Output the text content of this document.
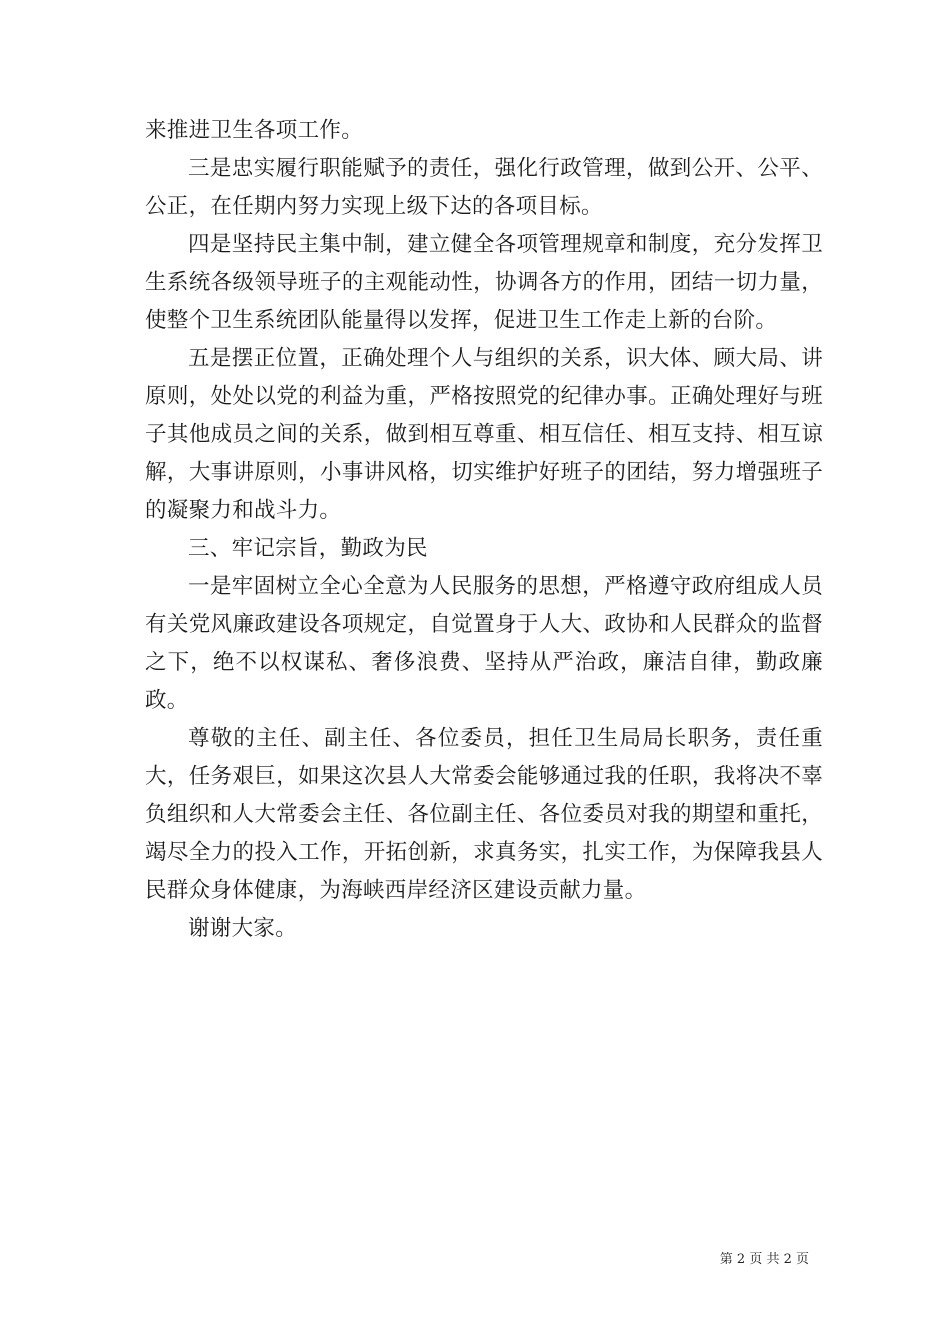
来推进卫生各项工作。

三是忠实履行职能赋予的责任，强化行政管理，做到公开、公平、公正，在任期内努力实现上级下达的各项目标。

四是坚持民主集中制，建立健全各项管理规章和制度，充分发挥卫生系统各级领导班子的主观能动性，协调各方的作用，团结一切力量，使整个卫生系统团队能量得以发挥，促进卫生工作走上新的台阶。

五是摆正位置，正确处理个人与组织的关系，识大体、顾大局、讲原则，处处以党的利益为重，严格按照党的纪律办事。正确处理好与班子其他成员之间的关系，做到相互尊重、相互信任、相互支持、相互谅解，大事讲原则，小事讲风格，切实维护好班子的团结，努力增强班子的凝聚力和战斗力。

三、牢记宗旨，勤政为民

一是牢固树立全心全意为人民服务的思想，严格遵守政府组成人员有关党风廉政建设各项规定，自觉置身于人大、政协和人民群众的监督之下，绝不以权谋私、奢侈浪费、坚持从严治政，廉洁自律，勤政廉政。

尊敬的主任、副主任、各位委员，担任卫生局局长职务，责任重大，任务艰巨，如果这次县人大常委会能够通过我的任职，我将决不辜负组织和人大常委会主任、各位副主任、各位委员对我的期望和重托，竭尽全力的投入工作，开拓创新，求真务实，扎实工作，为保障我县人民群众身体健康，为海峡西岸经济区建设贡献力量。

谢谢大家。

第 2 页 共 2 页
